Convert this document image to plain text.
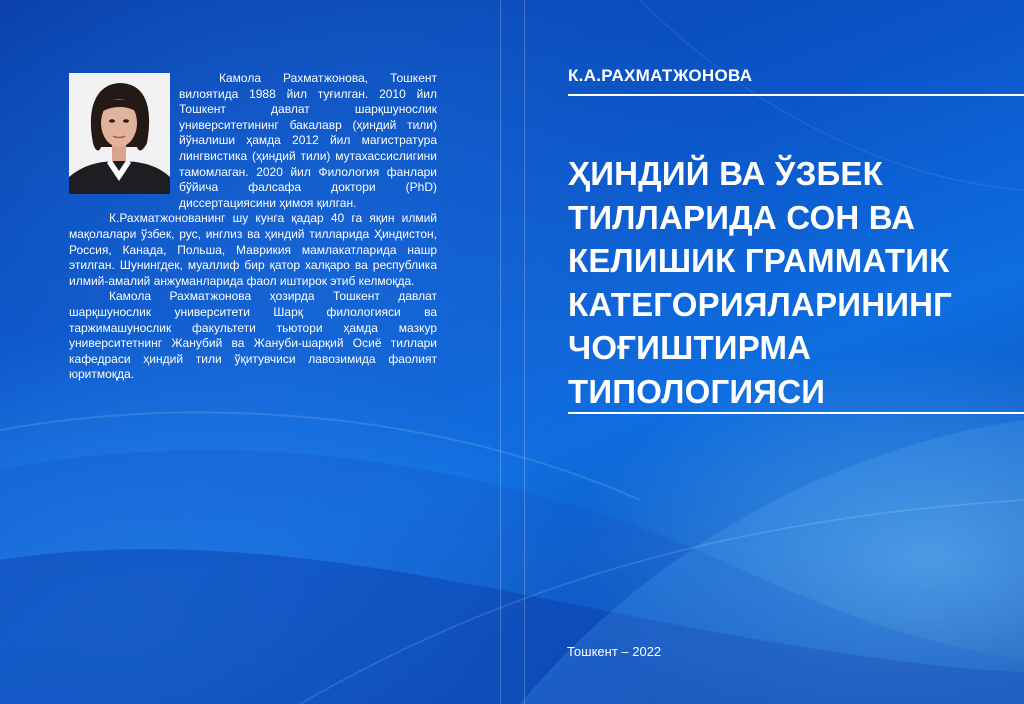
Камола Рахматжонова, Тошкент вилоятида 1988 йил туғилган. 2010 йил Тошкент давлат шарқшунослик университетининг бакалавр (ҳиндий тили) йўналиши ҳамда 2012 йил магистратура лингвистика (ҳиндий тили) мутахассислигини тамомлаган. 2020 йил Филология фанлари бўйича фалсафа доктори (PhD) диссертациясини ҳимоя қилган.

К.Рахматжонованинг шу кунга қадар 40 га яқин илмий мақолалари ўзбек, рус, инглиз ва ҳиндий тилларида Ҳиндистон, Россия, Канада, Польша, Маврикия мамлакатларида нашр этилган. Шунингдек, муаллиф бир қатор халқаро ва республика илмий-амалий анжуманларида фаол иштирок этиб келмоқда.

Камола Рахматжонова ҳозирда Тошкент давлат шарқшунослик университети Шарқ филологияси ва таржимашунослик факультети тьютори ҳамда мазкур университетнинг Жанубий ва Жануби-шарқий Осиё тиллари кафедраси ҳиндий тили ўқитувчиси лавозимида фаолият юритмоқда.

К.А.РАХМАТЖОНОВА
ҲИНДИЙ ВА ЎЗБЕК
ТИЛЛАРИДА СОН ВА
КЕЛИШИК ГРАММАТИК
КАТЕГОРИЯЛАРИНИНГ
ЧОҒИШТИРМА
ТИПОЛОГИЯСИ
Тошкент – 2022
